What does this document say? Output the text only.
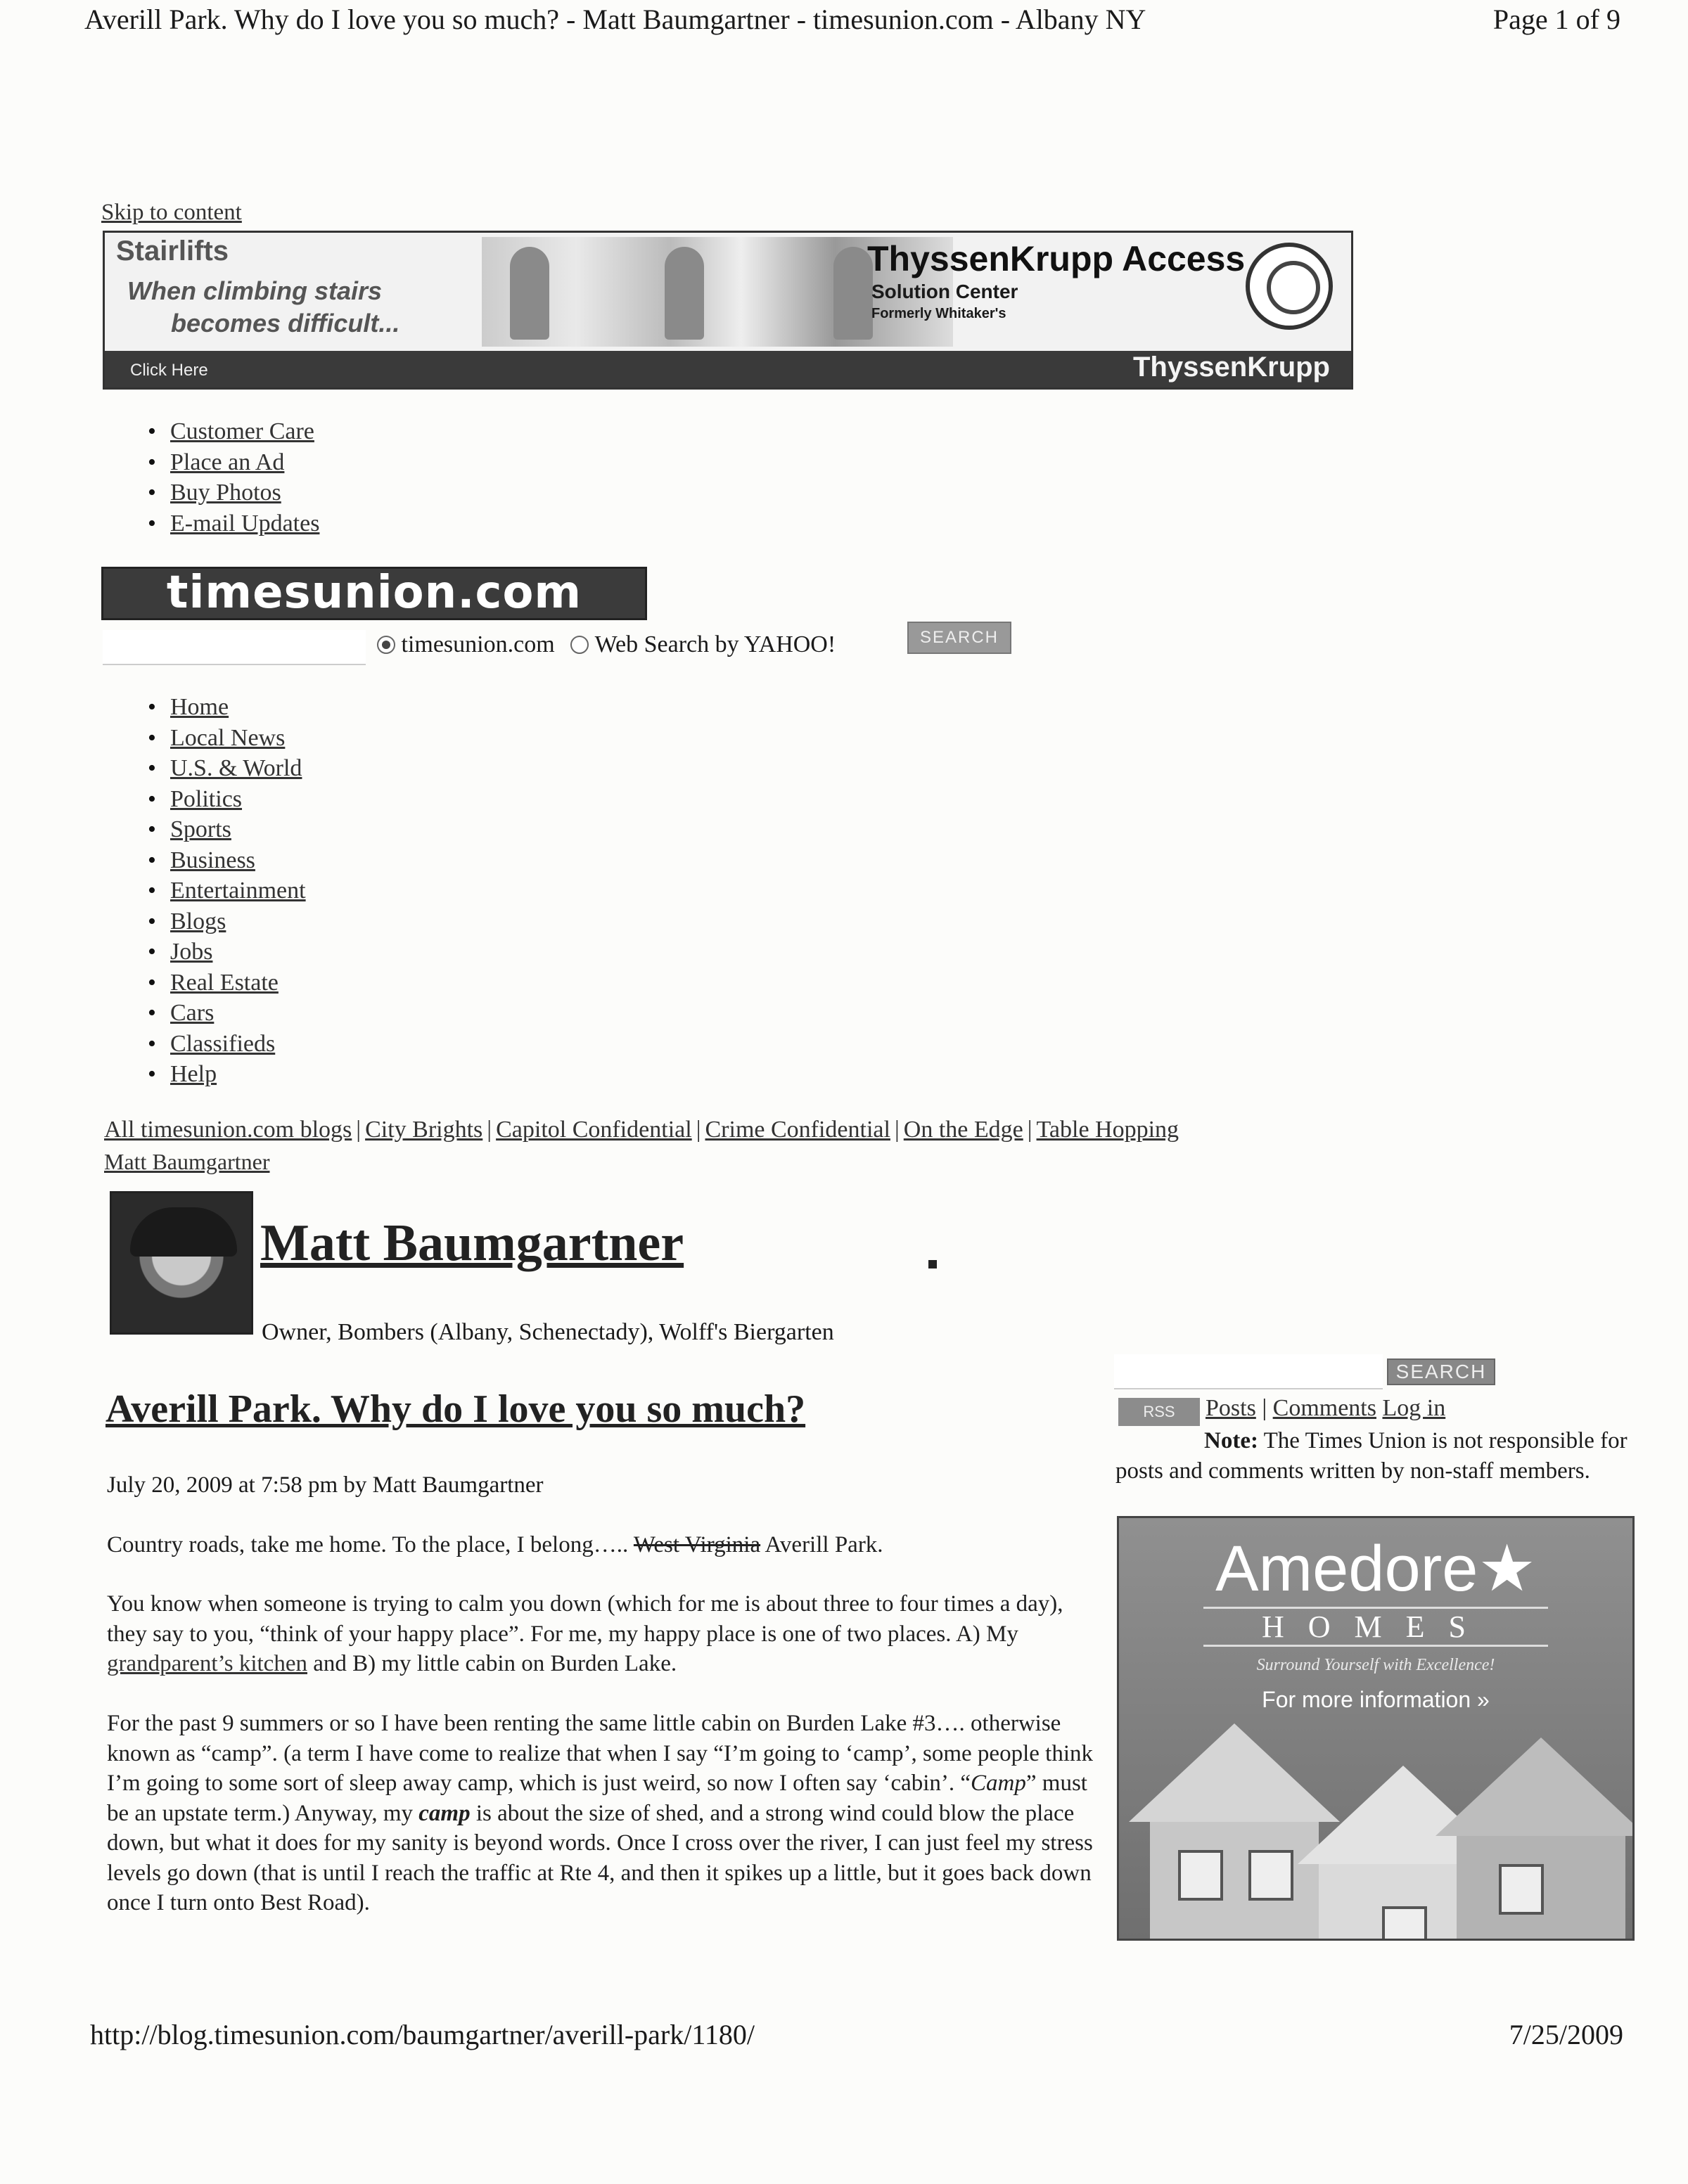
Averill Park. Why do I love you so much? - Matt Baumgartner - timesunion.com - Albany NY	Page 1 of 9
Skip to content
Stairlifts
When climbing stairs
becomes difficult...
ThyssenKrupp Access
Solution Center
Formerly Whitaker's
Click Here	ThyssenKrupp
• Customer Care
• Place an Ad
• Buy Photos
• E-mail Updates
timesunion.com
timesunion.com Web Search by YAHOO!	SEARCH
• Home
• Local News
• U.S. & World
• Politics
• Sports
• Business
• Entertainment
• Blogs
• Jobs
• Real Estate
• Cars
• Classifieds
• Help
All timesunion.com blogs | City Brights | Capitol Confidential | Crime Confidential | On the Edge | Table Hopping
Matt Baumgartner
Matt Baumgartner
Owner, Bombers (Albany, Schenectady), Wolff's Biergarten
Averill Park. Why do I love you so much?
July 20, 2009 at 7:58 pm by Matt Baumgartner
Country roads, take me home. To the place, I belong….. West Virginia Averill Park.
You know when someone is trying to calm you down (which for me is about three to four times a day), they say to you, “think of your happy place”. For me, my happy place is one of two places. A) My grandparent’s kitchen and B) my little cabin on Burden Lake.
For the past 9 summers or so I have been renting the same little cabin on Burden Lake #3…. otherwise known as “camp”. (a term I have come to realize that when I say “I’m going to ‘camp’, some people think I’m going to some sort of sleep away camp, which is just weird, so now I often say ‘cabin’. “Camp” must be an upstate term.) Anyway, my camp is about the size of shed, and a strong wind could blow the place down, but what it does for my sanity is beyond words. Once I cross over the river, I can just feel my stress levels go down (that is until I reach the traffic at Rte 4, and then it spikes up a little, but it goes back down once I turn onto Best Road).
SEARCH
RSS	Posts | Comments Log in
Note: The Times Union is not responsible for posts and comments written by non-staff members.
Amedore★
HOMES
Surround Yourself with Excellence!
For more information »
http://blog.timesunion.com/baumgartner/averill-park/1180/	7/25/2009
